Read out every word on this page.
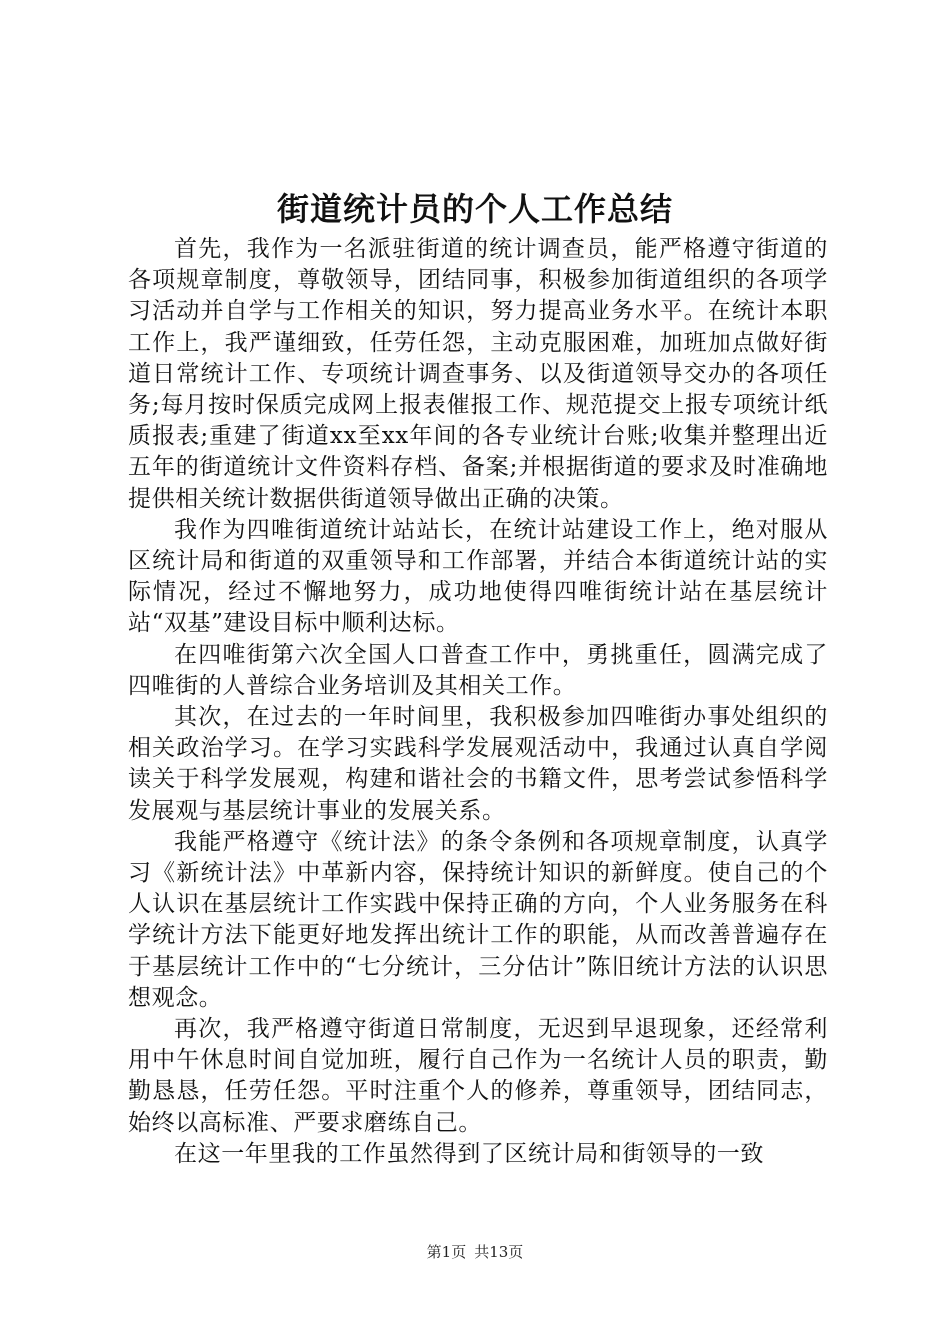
街道统计员的个人工作总结

首先，我作为一名派驻街道的统计调查员，能严格遵守街道的各项规章制度，尊敬领导，团结同事，积极参加街道组织的各项学习活动并自学与工作相关的知识，努力提高业务水平。在统计本职工作上，我严谨细致，任劳任怨，主动克服困难，加班加点做好街道日常统计工作、专项统计调查事务、以及街道领导交办的各项任务;每月按时保质完成网上报表催报工作、规范提交上报专项统计纸质报表;重建了街道xx至xx年间的各专业统计台账;收集并整理出近五年的街道统计文件资料存档、备案;并根据街道的要求及时准确地提供相关统计数据供街道领导做出正确的决策。

我作为四唯街道统计站站长，在统计站建设工作上，绝对服从区统计局和街道的双重领导和工作部署，并结合本街道统计站的实际情况，经过不懈地努力，成功地使得四唯街统计站在基层统计站“双基”建设目标中顺利达标。

在四唯街第六次全国人口普查工作中，勇挑重任，圆满完成了四唯街的人普综合业务培训及其相关工作。

其次，在过去的一年时间里，我积极参加四唯街办事处组织的相关政治学习。在学习实践科学发展观活动中，我通过认真自学阅读关于科学发展观，构建和谐社会的书籍文件，思考尝试参悟科学发展观与基层统计事业的发展关系。

我能严格遵守《统计法》的条令条例和各项规章制度，认真学习《新统计法》中革新内容，保持统计知识的新鲜度。使自己的个人认识在基层统计工作实践中保持正确的方向，个人业务服务在科学统计方法下能更好地发挥出统计工作的职能，从而改善普遍存在于基层统计工作中的“七分统计，三分估计”陈旧统计方法的认识思想观念。

再次，我严格遵守街道日常制度，无迟到早退现象，还经常利用中午休息时间自觉加班，履行自己作为一名统计人员的职责，勤勤恳恳，任劳任怨。平时注重个人的修养，尊重领导，团结同志，始终以高标准、严要求磨练自己。

在这一年里我的工作虽然得到了区统计局和街领导的一致

第1页 共13页
